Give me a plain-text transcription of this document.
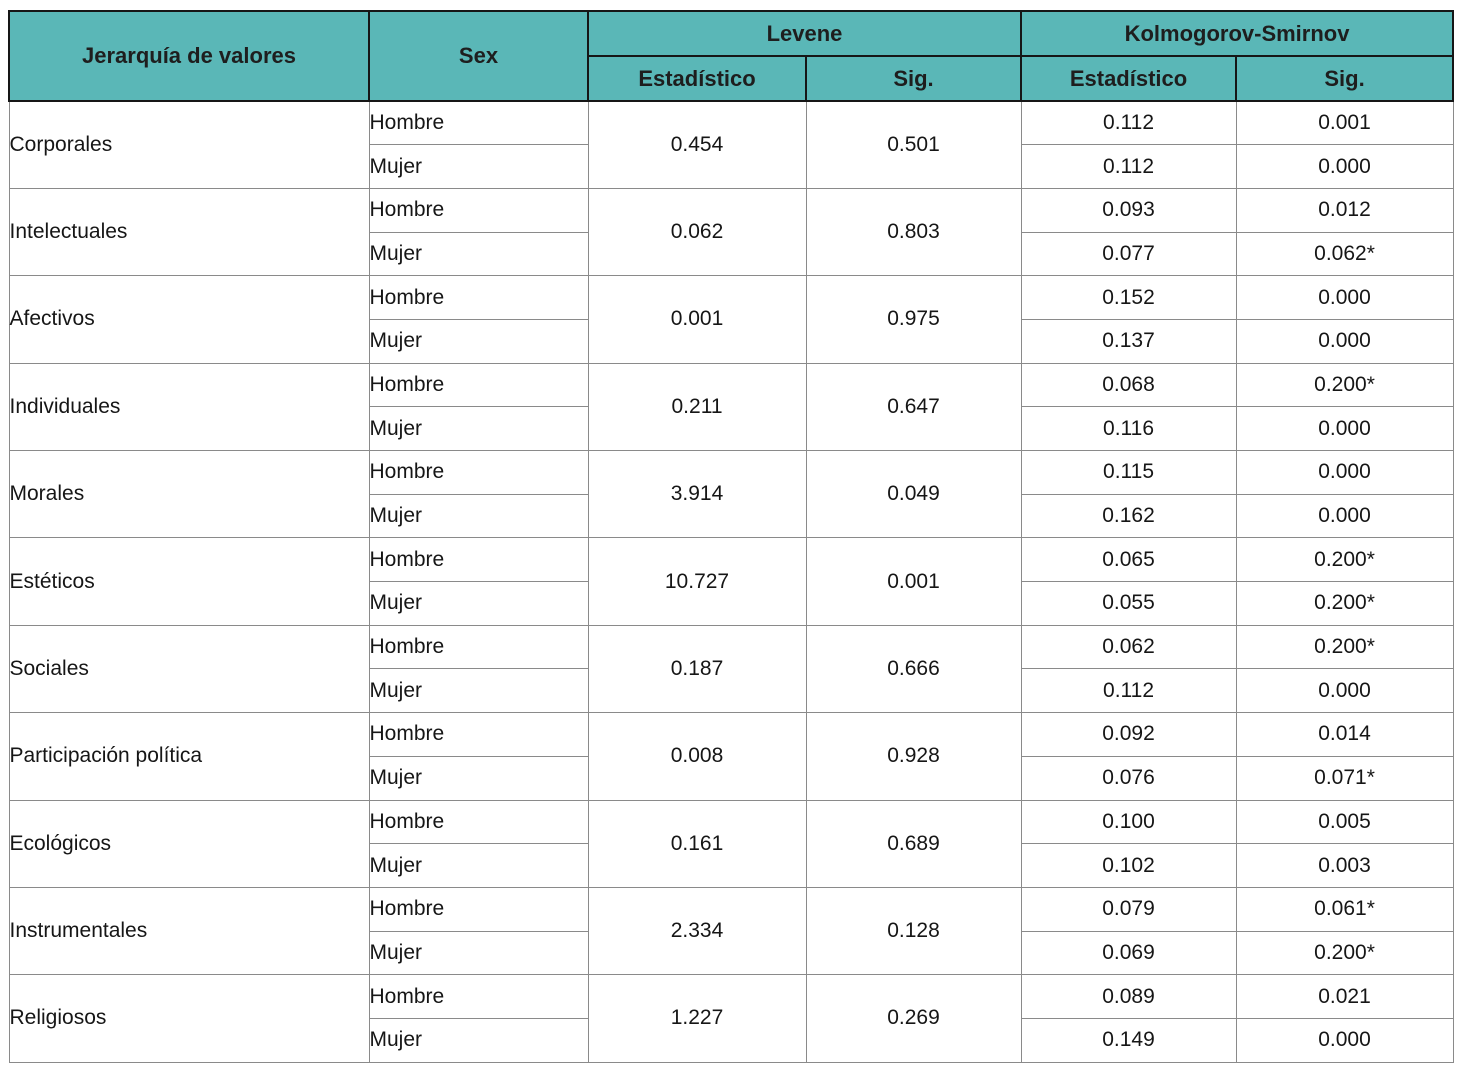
Jerarquía de valores	Sex	Levene		Kolmogorov-Smirnov	
		Estadístico	Sig.	Estadístico	Sig.
Corporales	Hombre	0.454	0.501	0.112	0.001
	Mujer			0.112	0.000
Intelectuales	Hombre	0.062	0.803	0.093	0.012
	Mujer			0.077	0.062*
Afectivos	Hombre	0.001	0.975	0.152	0.000
	Mujer			0.137	0.000
Individuales	Hombre	0.211	0.647	0.068	0.200*
	Mujer			0.116	0.000
Morales	Hombre	3.914	0.049	0.115	0.000
	Mujer			0.162	0.000
Estéticos	Hombre	10.727	0.001	0.065	0.200*
	Mujer			0.055	0.200*
Sociales	Hombre	0.187	0.666	0.062	0.200*
	Mujer			0.112	0.000
Participación política	Hombre	0.008	0.928	0.092	0.014
	Mujer			0.076	0.071*
Ecológicos	Hombre	0.161	0.689	0.100	0.005
	Mujer			0.102	0.003
Instrumentales	Hombre	2.334	0.128	0.079	0.061*
	Mujer			0.069	0.200*
Religiosos	Hombre	1.227	0.269	0.089	0.021
	Mujer			0.149	0.000
